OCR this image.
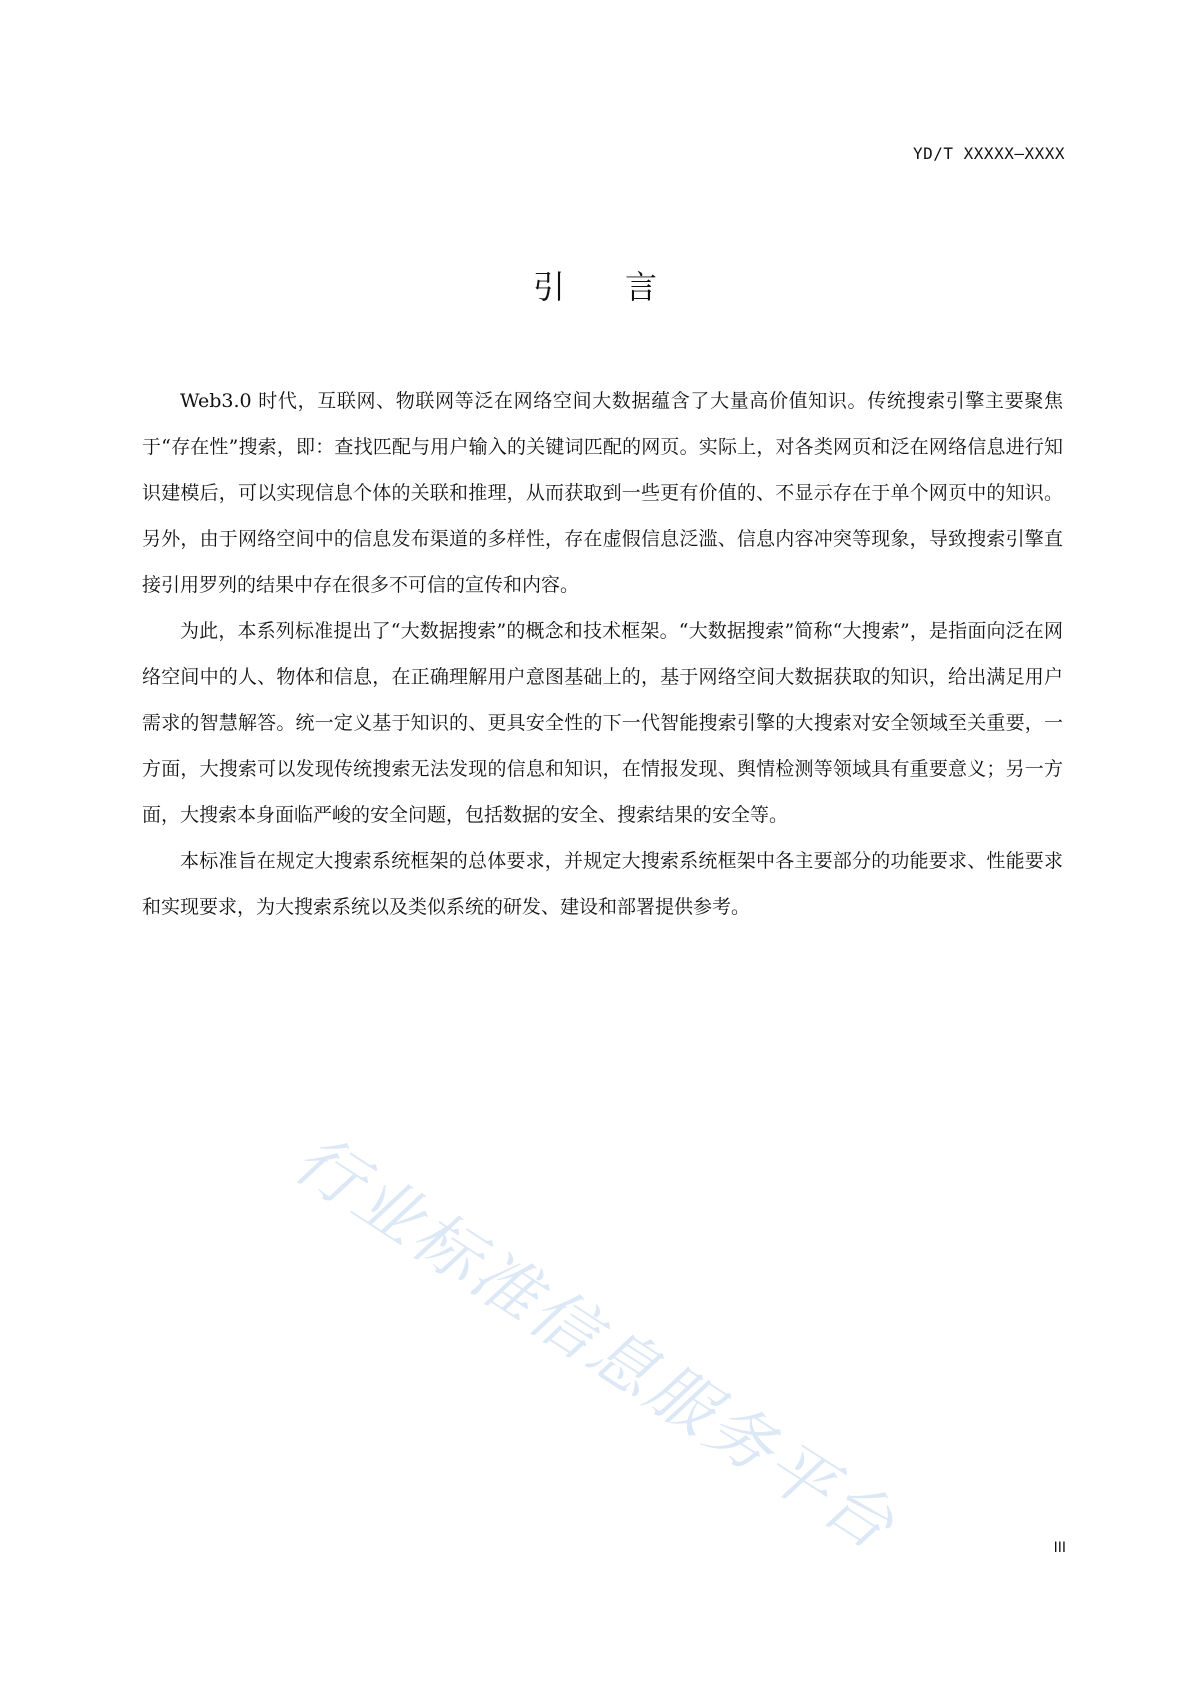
YD/T XXXXX—XXXX
引言

Web3.0 时代，互联网、物联网等泛在网络空间大数据蕴含了大量高价值知识。传统搜索引擎主要聚焦于“存在性”搜索，即：查找匹配与用户输入的关键词匹配的网页。实际上，对各类网页和泛在网络信息进行知识建模后，可以实现信息个体的关联和推理，从而获取到一些更有价值的、不显示存在于单个网页中的知识。另外，由于网络空间中的信息发布渠道的多样性，存在虚假信息泛滥、信息内容冲突等现象，导致搜索引擎直接引用罗列的结果中存在很多不可信的宣传和内容。

为此，本系列标准提出了“大数据搜索”的概念和技术框架。“大数据搜索”简称“大搜索”，是指面向泛在网络空间中的人、物体和信息，在正确理解用户意图基础上的，基于网络空间大数据获取的知识，给出满足用户需求的智慧解答。统一定义基于知识的、更具安全性的下一代智能搜索引擎的大搜索对安全领域至关重要，一方面，大搜索可以发现传统搜索无法发现的信息和知识，在情报发现、舆情检测等领域具有重要意义；另一方面，大搜索本身面临严峻的安全问题，包括数据的安全、搜索结果的安全等。

本标准旨在规定大搜索系统框架的总体要求，并规定大搜索系统框架中各主要部分的功能要求、性能要求和实现要求，为大搜索系统以及类似系统的研发、建设和部署提供参考。

行业标准信息服务平台	III
